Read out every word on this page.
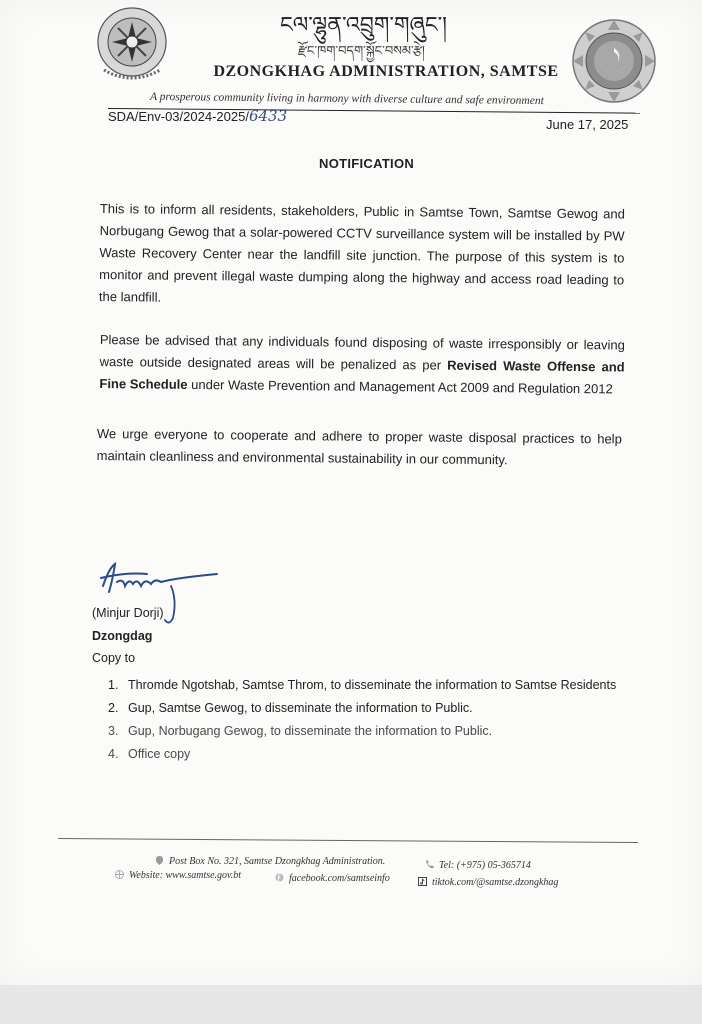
ངལ་ལྷུན་འབྲུག་གཞུང་།
རྫོང་ཁག་བདག་སྐྱོང་བསམ་རྩེ།
DZONGKHAG ADMINISTRATION, SAMTSE
A prosperous community living in harmony with diverse culture and safe environment
SDA/Env-03/2024-2025/6433	June 17, 2025
NOTIFICATION
This is to inform all residents, stakeholders, Public in Samtse Town, Samtse Gewog and Norbugang Gewog that a solar-powered CCTV surveillance system will be installed by PW Waste Recovery Center near the landfill site junction. The purpose of this system is to monitor and prevent illegal waste dumping along the highway and access road leading to the landfill.
Please be advised that any individuals found disposing of waste irresponsibly or leaving waste outside designated areas will be penalized as per Revised Waste Offense and Fine Schedule under Waste Prevention and Management Act 2009 and Regulation 2012
We urge everyone to cooperate and adhere to proper waste disposal practices to help maintain cleanliness and environmental sustainability in our community.
(Minjur Dorji)
Dzongdag
Copy to
1. Thromde Ngotshab, Samtse Throm, to disseminate the information to Samtse Residents
2. Gup, Samtse Gewog, to disseminate the information to Public.
3. Gup, Norbugang Gewog, to disseminate the information to Public.
4. Office copy
Post Box No. 321, Samtse Dzongkhag Administration.	Tel: (+975) 05-365714
Website: www.samtse.gov.bt	facebook.com/samtseinfo	tiktok.com/@samtse.dzongkhag
